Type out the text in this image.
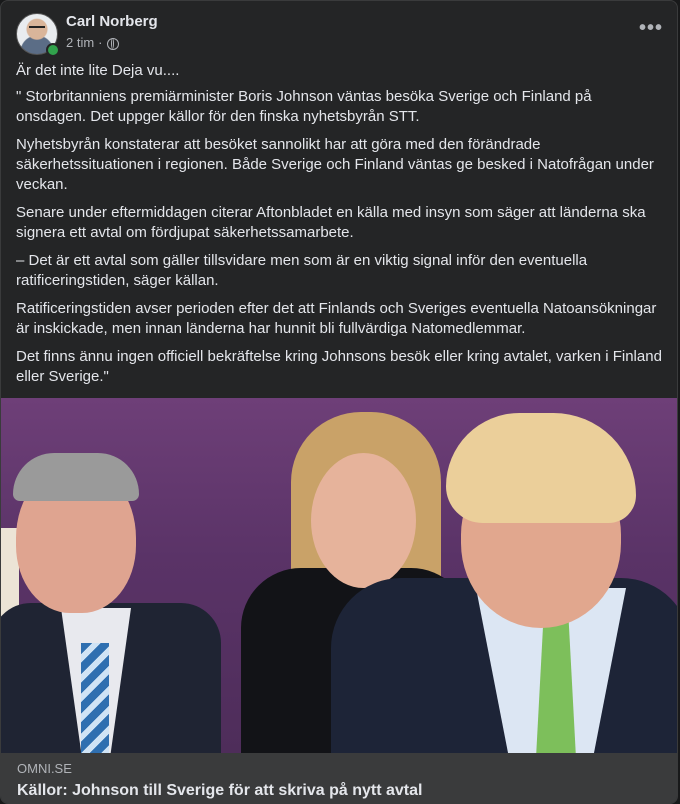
Carl Norberg
2 tim ·
•••

Är det inte lite Deja vu....

" Storbritanniens premiärminister Boris Johnson väntas besöka Sverige och Finland på onsdagen. Det uppger källor för den finska nyhetsbyrån STT.

Nyhetsbyrån konstaterar att besöket sannolikt har att göra med den förändrade säkerhetssituationen i regionen. Både Sverige och Finland väntas ge besked i Natofrågan under veckan.

Senare under eftermiddagen citerar Aftonbladet en källa med insyn som säger att länderna ska signera ett avtal om fördjupat säkerhetssamarbete.

– Det är ett avtal som gäller tillsvidare men som är en viktig signal inför den eventuella ratificeringstiden, säger källan.

Ratificeringstiden avser perioden efter det att Finlands och Sveriges eventuella Natoansökningar är inskickade, men innan länderna har hunnit bli fullvärdiga Natomedlemmar.

Det finns ännu ingen officiell bekräftelse kring Johnsons besök eller kring avtalet, varken i Finland eller Sverige."

OMNI.SE
Källor: Johnson till Sverige för att skriva på nytt avtal
